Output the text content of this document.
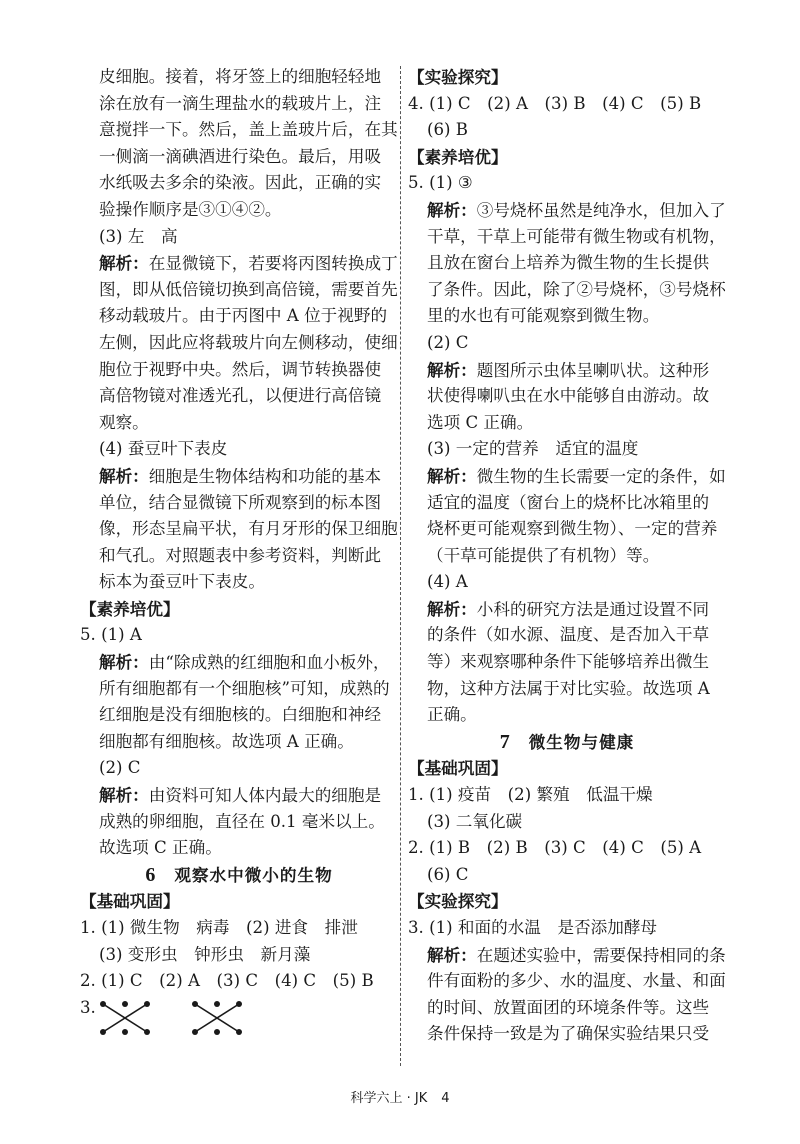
皮细胞。接着，将牙签上的细胞轻轻地
涂在放有一滴生理盐水的载玻片上，注
意搅拌一下。然后，盖上盖玻片后，在其
一侧滴一滴碘酒进行染色。最后，用吸
水纸吸去多余的染液。因此，正确的实
验操作顺序是③①④②。
(3) 左　高
解析：在显微镜下，若要将丙图转换成丁
图，即从低倍镜切换到高倍镜，需要首先
移动载玻片。由于丙图中 A 位于视野的
左侧，因此应将载玻片向左侧移动，使细
胞位于视野中央。然后，调节转换器使
高倍物镜对准透光孔，以便进行高倍镜
观察。
(4) 蚕豆叶下表皮
解析：细胞是生物体结构和功能的基本
单位，结合显微镜下所观察到的标本图
像，形态呈扁平状，有月牙形的保卫细胞
和气孔。对照题表中参考资料，判断此
标本为蚕豆叶下表皮。
【素养培优】
5. (1) A
解析：由“除成熟的红细胞和血小板外，
所有细胞都有一个细胞核”可知，成熟的
红细胞是没有细胞核的。白细胞和神经
细胞都有细胞核。故选项 A 正确。
(2) C
解析：由资料可知人体内最大的细胞是
成熟的卵细胞，直径在 0.1 毫米以上。
故选项 C 正确。
6 观察水中微小的生物
【基础巩固】
1. (1) 微生物　病毒　(2) 进食　排泄
(3) 变形虫　钟形虫　新月藻
2. (1) C　(2) A　(3) C　(4) C　(5) B
3.
【实验探究】
4. (1) C　(2) A　(3) B　(4) C　(5) B
(6) B
【素养培优】
5. (1) ③
解析：③号烧杯虽然是纯净水，但加入了
干草，干草上可能带有微生物或有机物，
且放在窗台上培养为微生物的生长提供
了条件。因此，除了②号烧杯，③号烧杯
里的水也有可能观察到微生物。
(2) C
解析：题图所示虫体呈喇叭状。这种形
状使得喇叭虫在水中能够自由游动。故
选项 C 正确。
(3) 一定的营养　适宜的温度
解析：微生物的生长需要一定的条件，如
适宜的温度（窗台上的烧杯比冰箱里的
烧杯更可能观察到微生物）、一定的营养
（干草可能提供了有机物）等。
(4) A
解析：小科的研究方法是通过设置不同
的条件（如水源、温度、是否加入干草
等）来观察哪种条件下能够培养出微生
物，这种方法属于对比实验。故选项 A
正确。
7 微生物与健康
【基础巩固】
1. (1) 疫苗　(2) 繁殖　低温干燥
(3) 二氧化碳
2. (1) B　(2) B　(3) C　(4) C　(5) A
(6) C
【实验探究】
3. (1) 和面的水温　是否添加酵母
解析：在题述实验中，需要保持相同的条
件有面粉的多少、水的温度、水量、和面
的时间、放置面团的环境条件等。这些
条件保持一致是为了确保实验结果只受
科学六上 · JK 4
